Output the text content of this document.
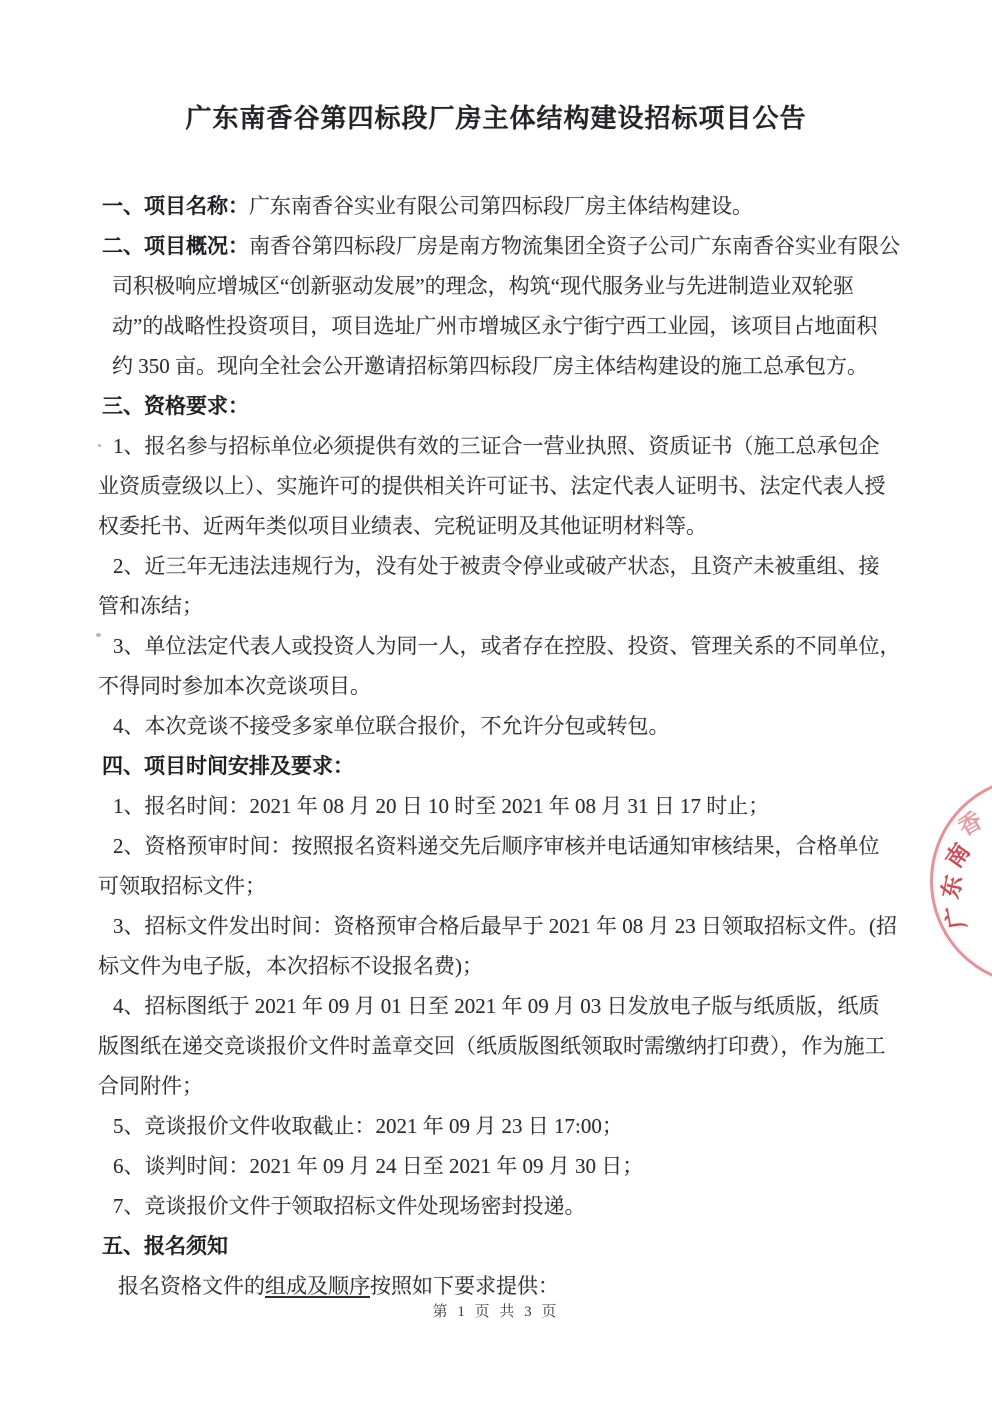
广东南香谷第四标段厂房主体结构建设招标项目公告
一、项目名称：广东南香谷实业有限公司第四标段厂房主体结构建设。
二、项目概况：南香谷第四标段厂房是南方物流集团全资子公司广东南香谷实业有限公
司积极响应增城区“创新驱动发展”的理念，构筑“现代服务业与先进制造业双轮驱
动”的战略性投资项目，项目选址广州市增城区永宁街宁西工业园，该项目占地面积
约 350 亩。现向全社会公开邀请招标第四标段厂房主体结构建设的施工总承包方。
三、资格要求：
1、报名参与招标单位必须提供有效的三证合一营业执照、资质证书（施工总承包企
业资质壹级以上）、实施许可的提供相关许可证书、法定代表人证明书、法定代表人授
权委托书、近两年类似项目业绩表、完税证明及其他证明材料等。
2、近三年无违法违规行为，没有处于被责令停业或破产状态，且资产未被重组、接
管和冻结；
3、单位法定代表人或投资人为同一人，或者存在控股、投资、管理关系的不同单位，
不得同时参加本次竞谈项目。
4、本次竞谈不接受多家单位联合报价，不允许分包或转包。
四、项目时间安排及要求：
1、报名时间：2021 年 08 月 20 日 10 时至 2021 年 08 月 31 日 17 时止；
2、资格预审时间：按照报名资料递交先后顺序审核并电话通知审核结果，合格单位
可领取招标文件；
3、招标文件发出时间：资格预审合格后最早于 2021 年 08 月 23 日领取招标文件。(招
标文件为电子版，本次招标不设报名费)；
4、招标图纸于 2021 年 09 月 01 日至 2021 年 09 月 03 日发放电子版与纸质版，纸质
版图纸在递交竞谈报价文件时盖章交回（纸质版图纸领取时需缴纳打印费），作为施工
合同附件；
5、竞谈报价文件收取截止：2021 年 09 月 23 日 17:00；
6、谈判时间：2021 年 09 月 24 日至 2021 年 09 月 30 日；
7、竞谈报价文件于领取招标文件处现场密封投递。
五、报名须知
报名资格文件的组成及顺序按照如下要求提供：
第 1 页 共 3 页
香
南
东
广
